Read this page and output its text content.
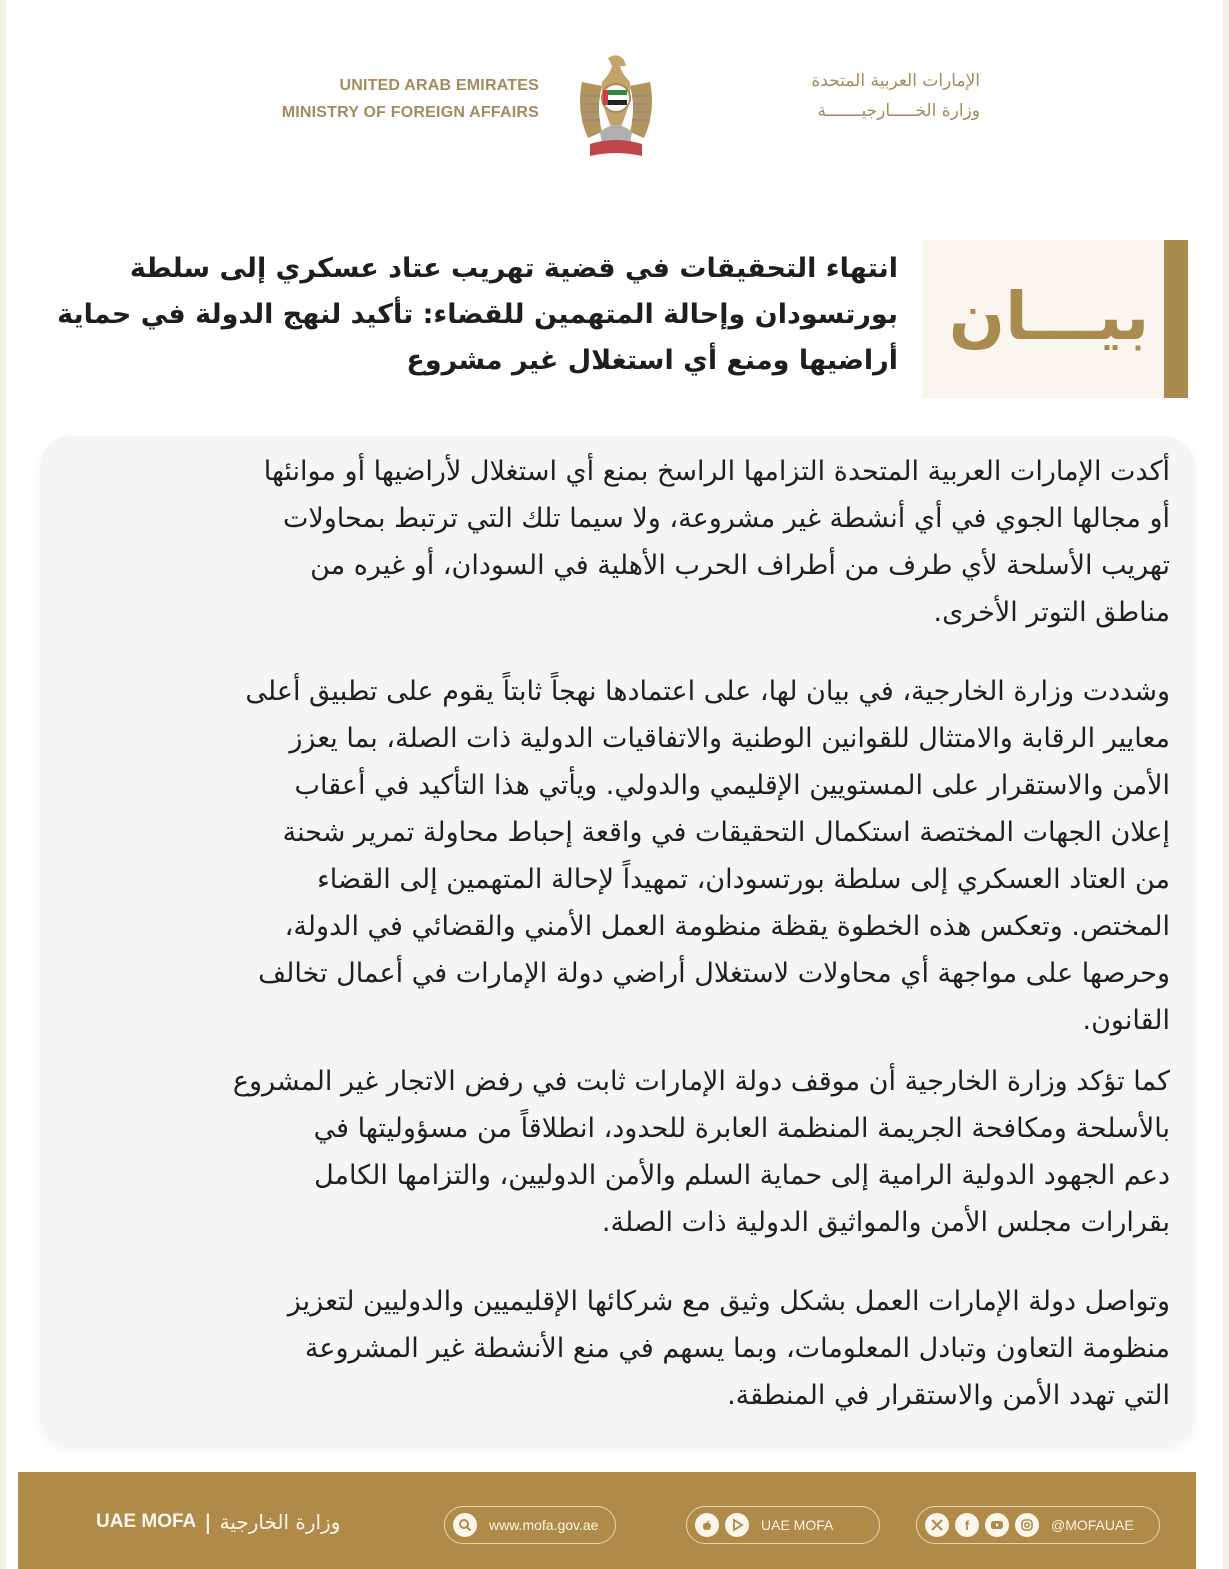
UNITED ARAB EMIRATES
MINISTRY OF FOREIGN AFFAIRS
الإمارات العربية المتحدة
وزارة الخـــــارجيـــــــة
بيـــان
انتهاء التحقيقات في قضية تهريب عتاد عسكري إلى سلطة
بورتسودان وإحالة المتهمين للقضاء: تأكيد لنهج الدولة في حماية
أراضيها ومنع أي استغلال غير مشروع

أكدت الإمارات العربية المتحدة التزامها الراسخ بمنع أي استغلال لأراضيها أو موانئها
أو مجالها الجوي في أي أنشطة غير مشروعة، ولا سيما تلك التي ترتبط بمحاولات
تهريب الأسلحة لأي طرف من أطراف الحرب الأهلية في السودان، أو غيره من
مناطق التوتر الأخرى.

وشددت وزارة الخارجية، في بيان لها، على اعتمادها نهجاً ثابتاً يقوم على تطبيق أعلى
معايير الرقابة والامتثال للقوانين الوطنية والاتفاقيات الدولية ذات الصلة، بما يعزز
الأمن والاستقرار على المستويين الإقليمي والدولي. ويأتي هذا التأكيد في أعقاب
إعلان الجهات المختصة استكمال التحقيقات في واقعة إحباط محاولة تمرير شحنة
من العتاد العسكري إلى سلطة بورتسودان، تمهيداً لإحالة المتهمين إلى القضاء
المختص. وتعكس هذه الخطوة يقظة منظومة العمل الأمني والقضائي في الدولة،
وحرصها على مواجهة أي محاولات لاستغلال أراضي دولة الإمارات في أعمال تخالف
القانون.

كما تؤكد وزارة الخارجية أن موقف دولة الإمارات ثابت في رفض الاتجار غير المشروع
بالأسلحة ومكافحة الجريمة المنظمة العابرة للحدود، انطلاقاً من مسؤوليتها في
دعم الجهود الدولية الرامية إلى حماية السلم والأمن الدوليين، والتزامها الكامل
بقرارات مجلس الأمن والمواثيق الدولية ذات الصلة.

وتواصل دولة الإمارات العمل بشكل وثيق مع شركائها الإقليميين والدوليين لتعزيز
منظومة التعاون وتبادل المعلومات، وبما يسهم في منع الأنشطة غير المشروعة
التي تهدد الأمن والاستقرار في المنطقة.

UAE MOFA | وزارة الخارجية	www.mofa.gov.ae	UAE MOFA	f	@MOFAUAE
